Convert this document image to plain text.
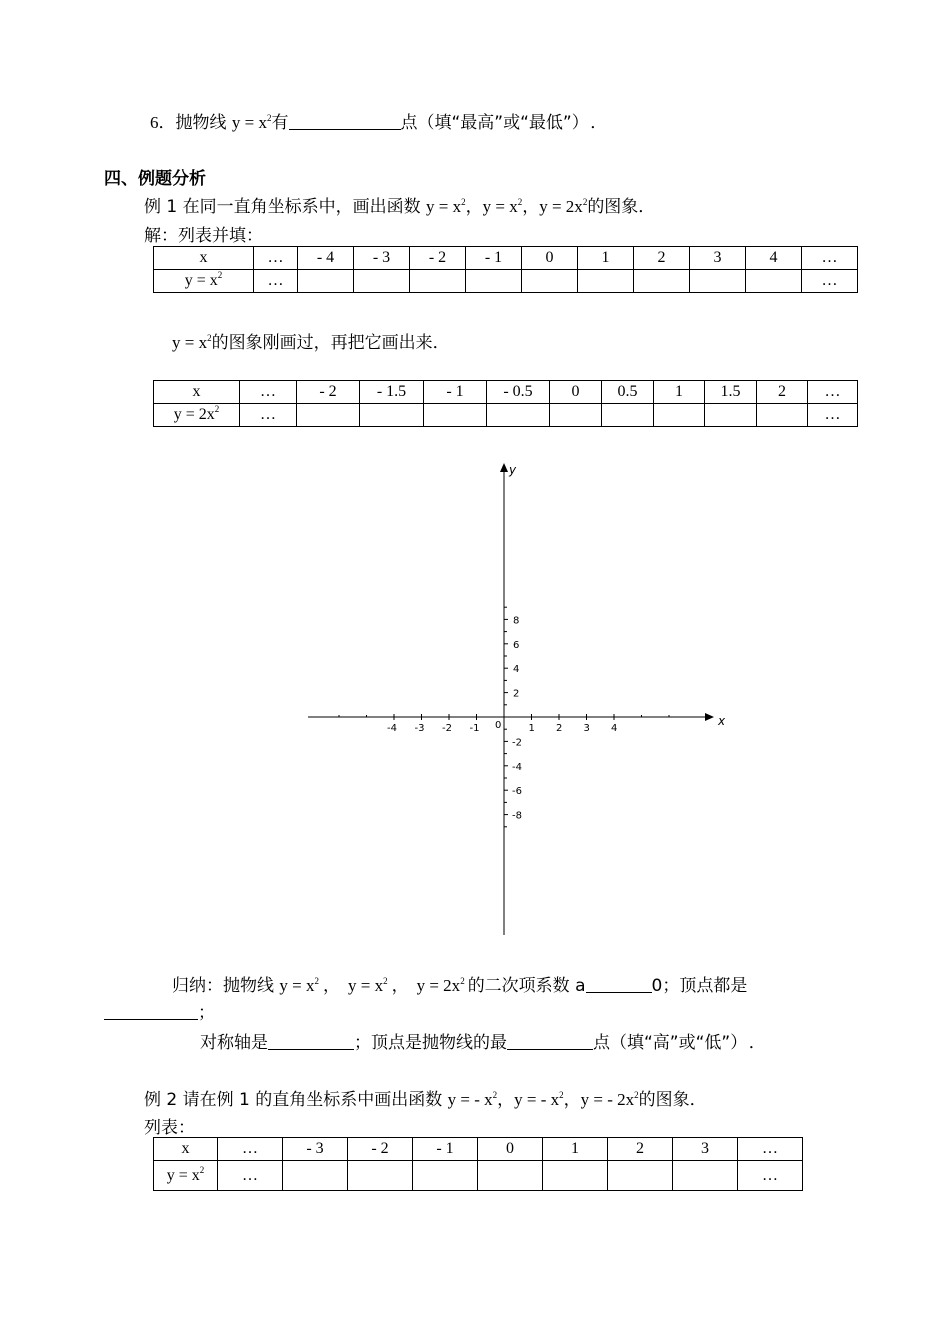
6．抛物线 $y = x^2$有	点（填“最高”或“最低”） ．
四、例题分析
例 1 在同一直角坐标系中，画出函数 $y = x^2$，$y = x^2$，$y = 2x^2$的图象．
解：列表并填：
x	…	- 4	- 3	- 2	- 1	0	1	2	3	4	…
$y = x^2$	…										…
$y = x^2$的图象刚画过，再把它画出来．
x	…	- 2	- 1.5	- 1	- 0.5	0	0.5	1	1.5	2	…
$y = 2x^2$	…										…
-4 -3 -2 -1	1 2 3 4
8
6
4
2
-2
-4
-6
-8
x
y
0
归纳：抛物线 $y = x^2$ ， $y = x^2$ ， $y = 2x^2$ 的二次项系数 a	0；顶点都是
；
对称轴是	；顶点是抛物线的最	点（填“高”或“低”） ．
例 2 请在例 1 的直角坐标系中画出函数 y = - $x^2$，y = - $x^2$，y = - $2x^2$的图象．
列表：
x	…	- 3	- 2	- 1	0	1	2	3	…
$y = x^2$	…								…
